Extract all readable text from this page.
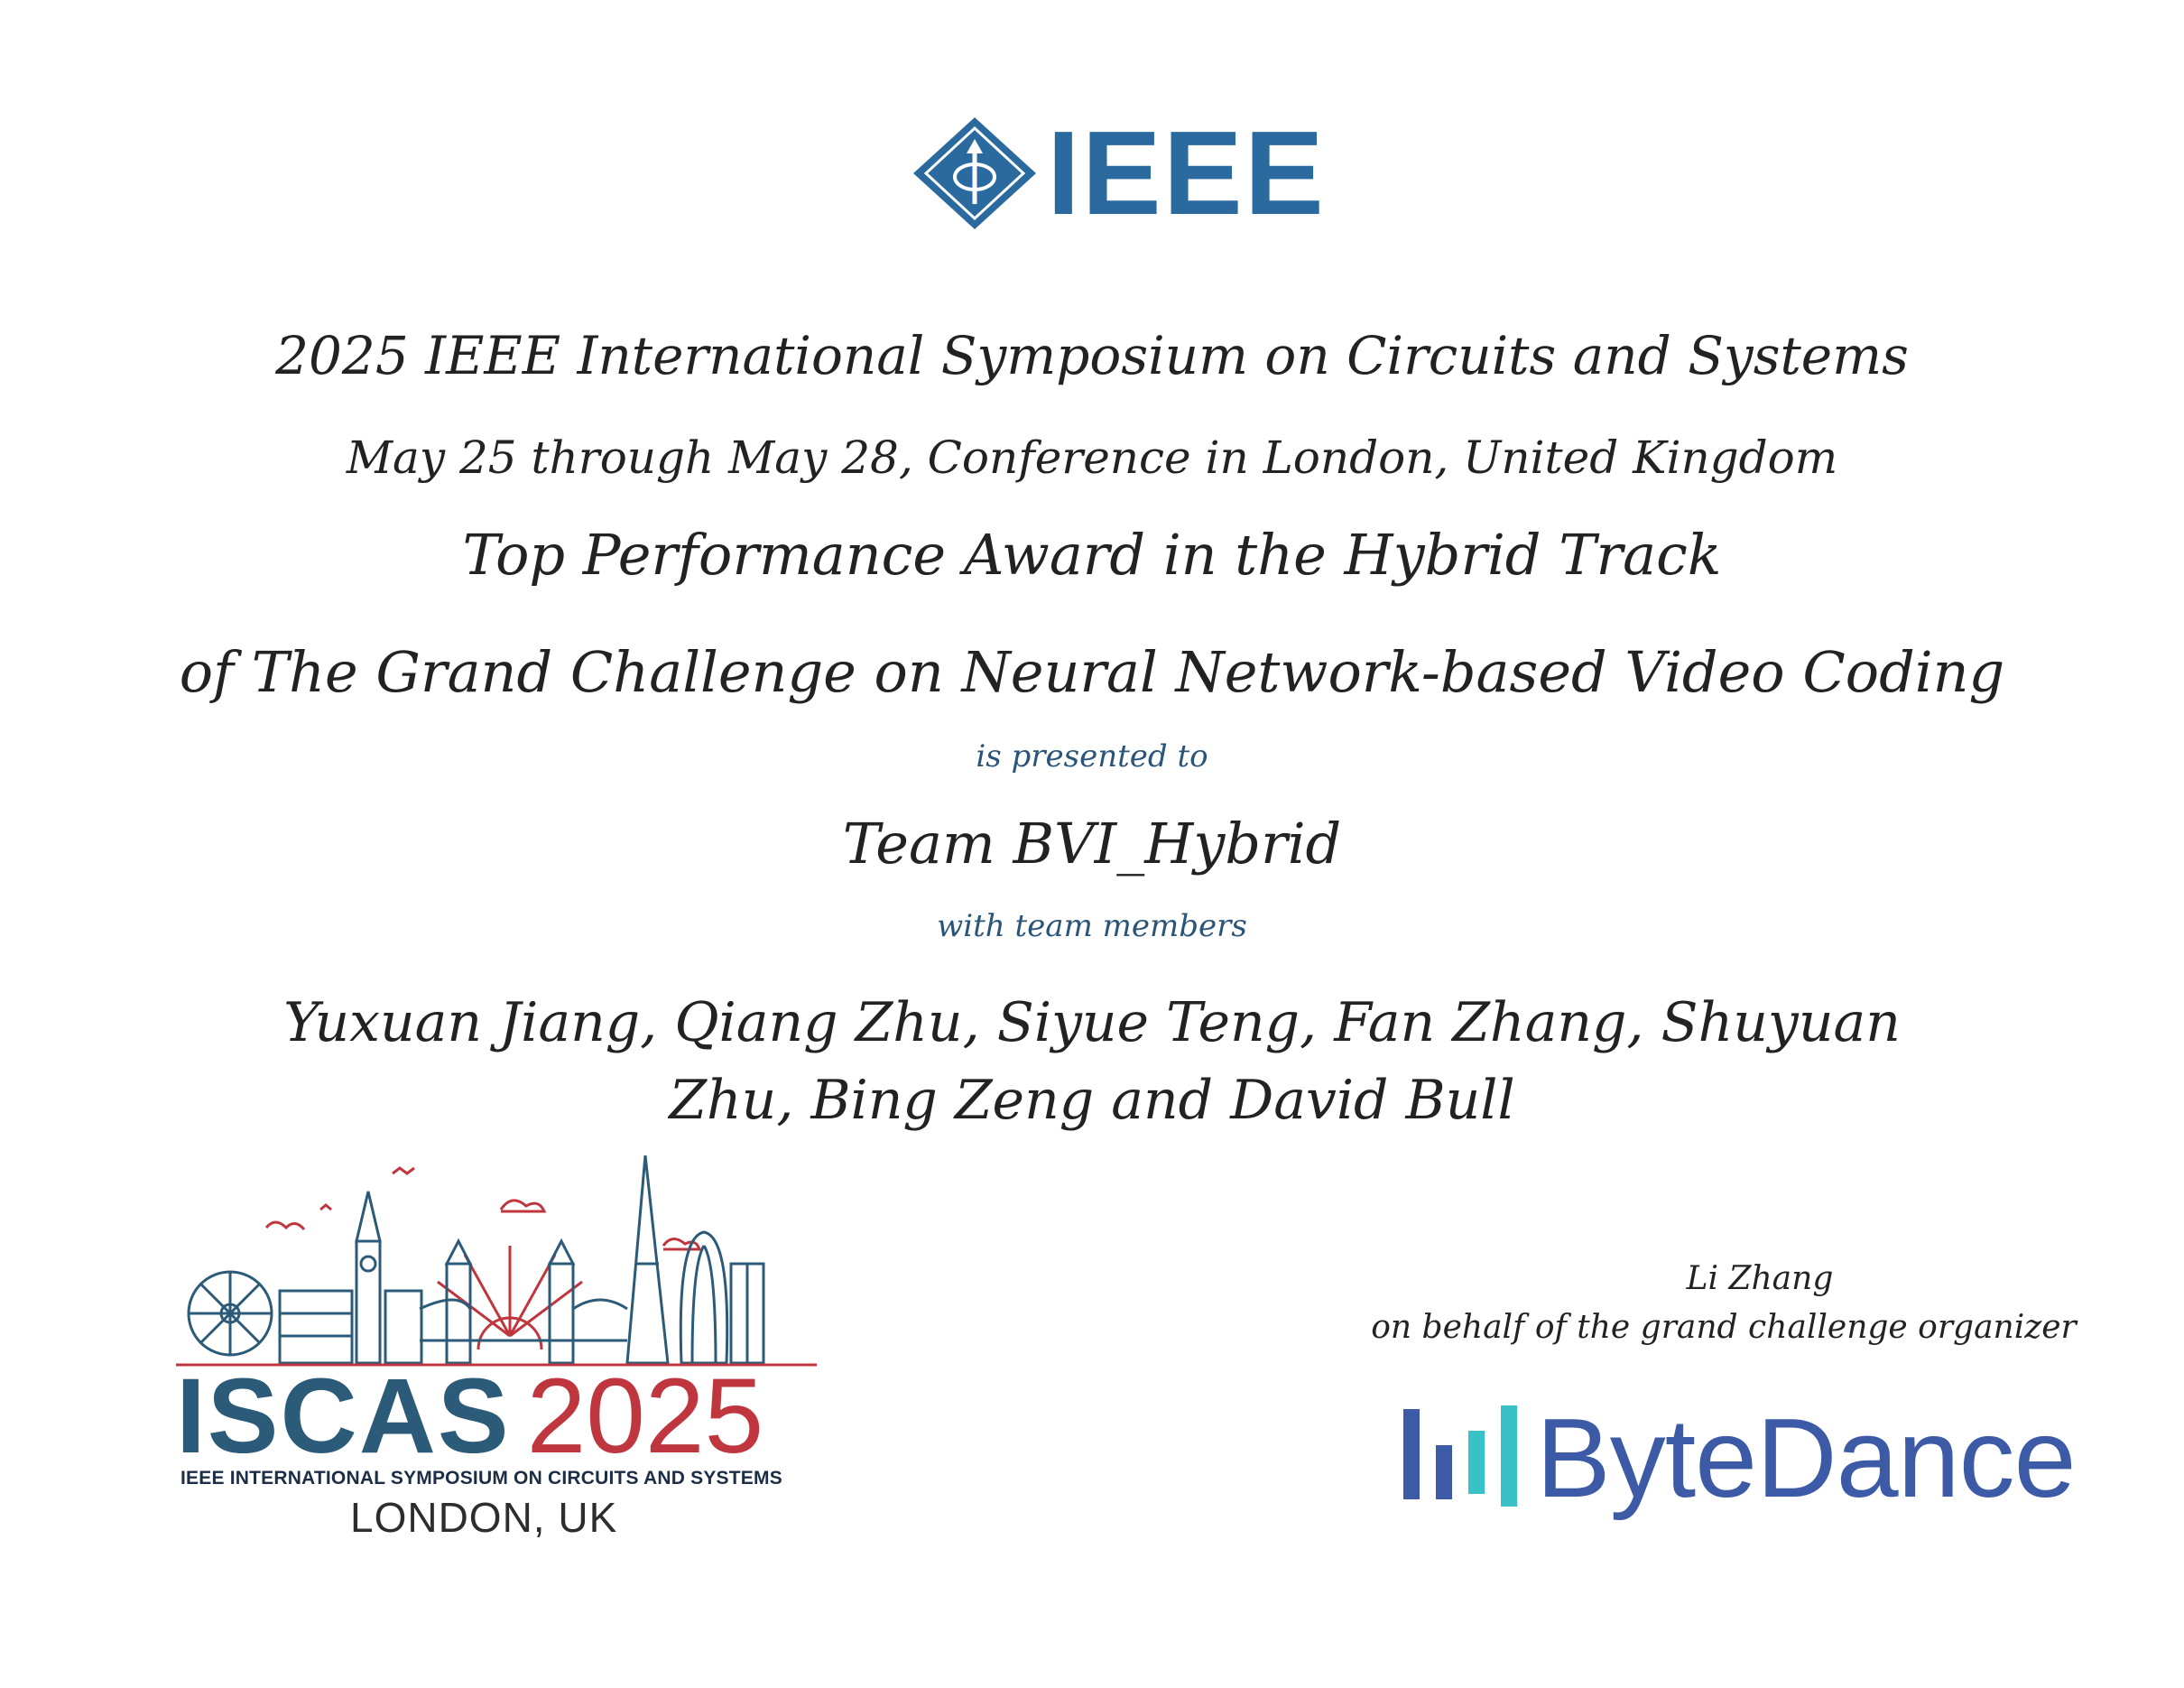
IEEE
2025 IEEE International Symposium on Circuits and Systems
May 25 through May 28, Conference in London, United Kingdom
Top Performance Award in the Hybrid Track
of The Grand Challenge on Neural Network-based Video Coding
is presented to
Team BVI_Hybrid
with team members
Yuxuan Jiang, Qiang Zhu, Siyue Teng, Fan Zhang, Shuyuan Zhu, Bing Zeng and David Bull
ISCAS 2025
IEEE INTERNATIONAL SYMPOSIUM ON CIRCUITS AND SYSTEMS
LONDON, UK
Li Zhang
on behalf of the grand challenge organizer
ByteDance
